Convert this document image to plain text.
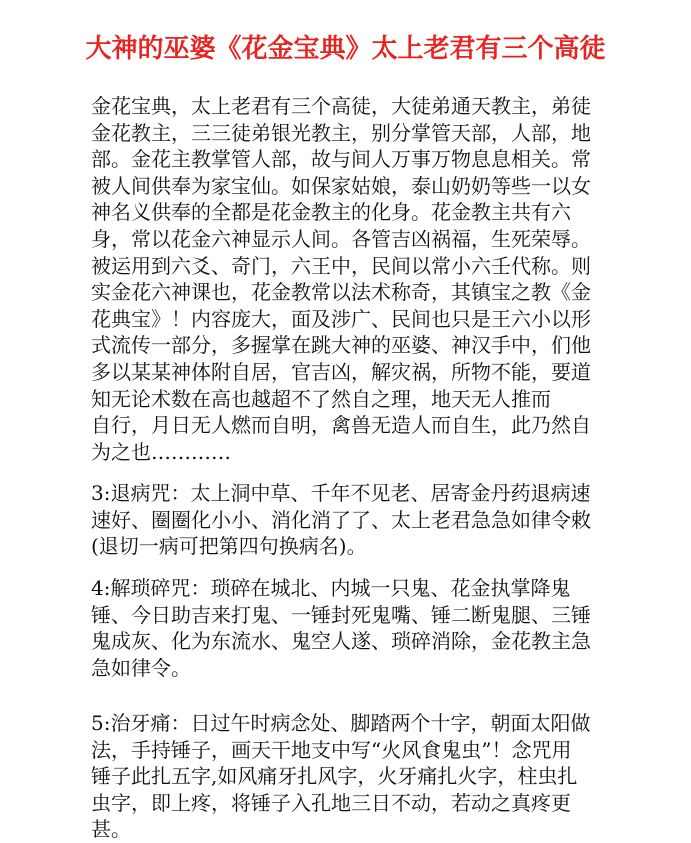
大神的巫婆《花金宝典》太上老君有三个高徒
金花宝典，太上老君有三个高徒，大徒弟通天教主，弟徒
金花教主，三三徒弟银光教主，别分掌管天部，人部，地
部。金花主教掌管人部，故与间人万事万物息息相关。常
被人间供奉为家宝仙。如保家姑娘，泰山奶奶等些一以女
神名义供奉的全都是花金教主的化身。花金教主共有六
身，常以花金六神显示人间。各管吉凶祸福，生死荣辱。
被运用到六爻、奇门，六王中，民间以常小六壬代称。则
实金花六神课也，花金教常以法术称奇，其镇宝之教《金
花典宝》！内容庞大，面及涉广、民间也只是王六小以形
式流传一部分，多握掌在跳大神的巫婆、神汉手中，们他
多以某某神体附自居，官吉凶，解灾祸，所物不能，要道
知无论术数在高也越超不了然自之理，地天无人推而
自行，月日无人燃而自明，禽兽无造人而自生，此乃然自
为之也…………
3:退病咒：太上洞中草、千年不见老、居寄金丹药退病速
速好、圈圈化小小、消化消了了、太上老君急急如律令敕
(退切一病可把第四句换病名)。
4:解琐碎咒：琐碎在城北、内城一只鬼、花金执掌降鬼
锤、今日助吉来打鬼、一锤封死鬼嘴、锤二断鬼腿、三锤
鬼成灰、化为东流水、鬼空人遂、琐碎消除，金花教主急
急如律令。
5:治牙痛：日过午时病念处、脚踏两个十字，朝面太阳做
法，手持锤子，画天干地支中写“火风食鬼虫”！念咒用
锤子此扎五字,如风痛牙扎风字，火牙痛扎火字，柱虫扎
虫字，即上疼，将锤子入孔地三日不动，若动之真疼更
甚。
